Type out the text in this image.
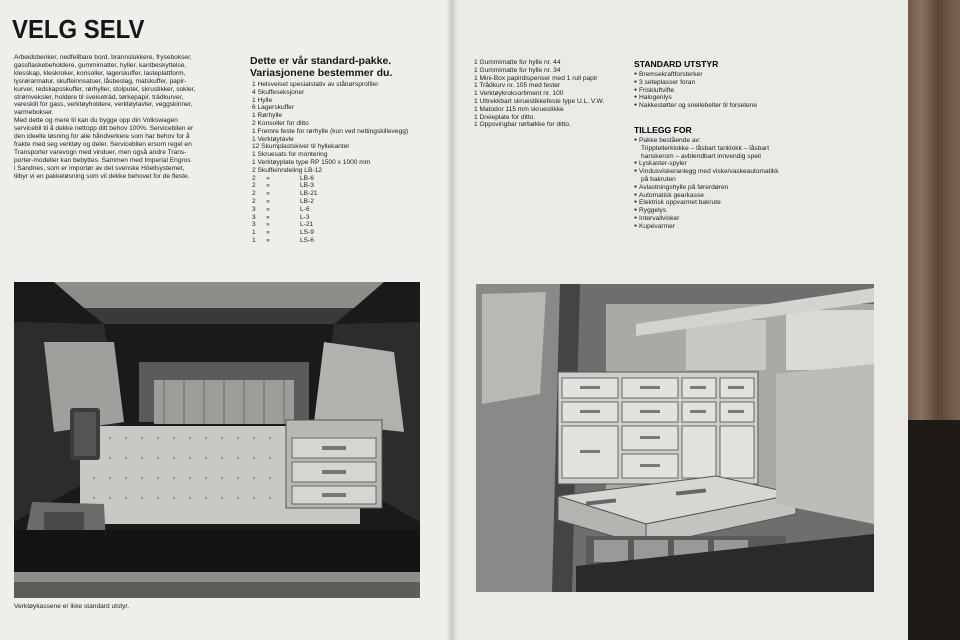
VELG SELV
Arbeidsbenker, nedfellbare bord, brannslukkere, frysebokser,
gassflaskebeholdere, gummimatter, hyller, kantbeskyttelse,
klesskap, kleskroker, konsoller, lagerskuffer, lasteplattform,
lysrørarmatur, skuffeinnsatser, låsbeslag, matskuffer, papir-
kurver, redskapsskuffer, rørhyller, stolputer, skrustikker, sokler,
strømveksler, holdere til sveiseträd, tørkepapir, trädkurver,
vareskilt for gass, verktøyholdere, verktøytavler, veggskinner,
varmebokser.
Med dette og mere til kan du bygge opp din Volkswagen
servicebil til å dekke nettopp ditt behov 100%. Servicebilen er
den ideelle løsning for alle håndverkere som har behov for å
frakte med seg verktøy og deler. Servicebilen ersom regel en
Transporter varevogn med vinduer, men også andre Trans-
porter-modeller kan bebyttes. Sammen med Imperial Engros
i Sandnes, som er importør av det svenske Höellsystemet,
tilbyr vi en pakkeløsning som vil dekke behovet for de fleste.
Dette er vår standard-pakke.
Variasjonene bestemmer du.
1 Helsveiset spesialstativ av stålrørsprofiler
4 Skuffeseksjoner
1 Hylle
6 Lagerskuffer
1 Rørhylle
2 Konsoller for ditto
1 Fremre feste for rørhylle (kun ved nettingskillevegg)
1 Verktøytavle
12 Skumplastskiver til hyllekanter
1 Skruesats for montering
1 Verktøyplate type RP 1500 x 1000 mm
2 Skuffeinndeling LB-12
2 »	LB-6
2 »	LB-3
2 »	LB-21
2 »	LB-2
3 »	L-6
3 »	L-3
3 »	L-21
1 »	LS-9
1 »	LS-6

Verktøykassene er ikke standard utstyr.
1 Gummimatte for hylle nr. 44
1 Gummimatte for hylle nr. 34
1 Mini-Box papirdispenser med 1 rull papir
1 Trådkurv nr. 105 med fester
1 Verktøykroksortiment nr. 100
1 Uttrekkbart skruestikkefeste type U.L. V.W.
1 Matodor 115 mm skruestikke
1 Dreieplate for ditto.
1 Oppsvingbar rørbøkke for ditto.
STANDARD UTSTYR
● Bremsekraftforsterker
● 3 seteplasser foran
● Friskluftvifte
● Halogenlys
● Nakkestøtter og snellebelter til forsetene
TILLEGG FOR
● Pakke bestående av:
Tripptellerklokke – låsbart tanklokk – låsbart
hanskerom – avblendbart innvendig speil
● Lyskaster-spyler
● Vindusviskeranlegg med viske/vaskeautomatikk
på bakruten
● Avlastningshylle på førerdøren
● Automatisk gearkasse
● Elektrisk oppvarmet bakrute
● Ryggelys
● Intervallvisker
● Kupévarmer
